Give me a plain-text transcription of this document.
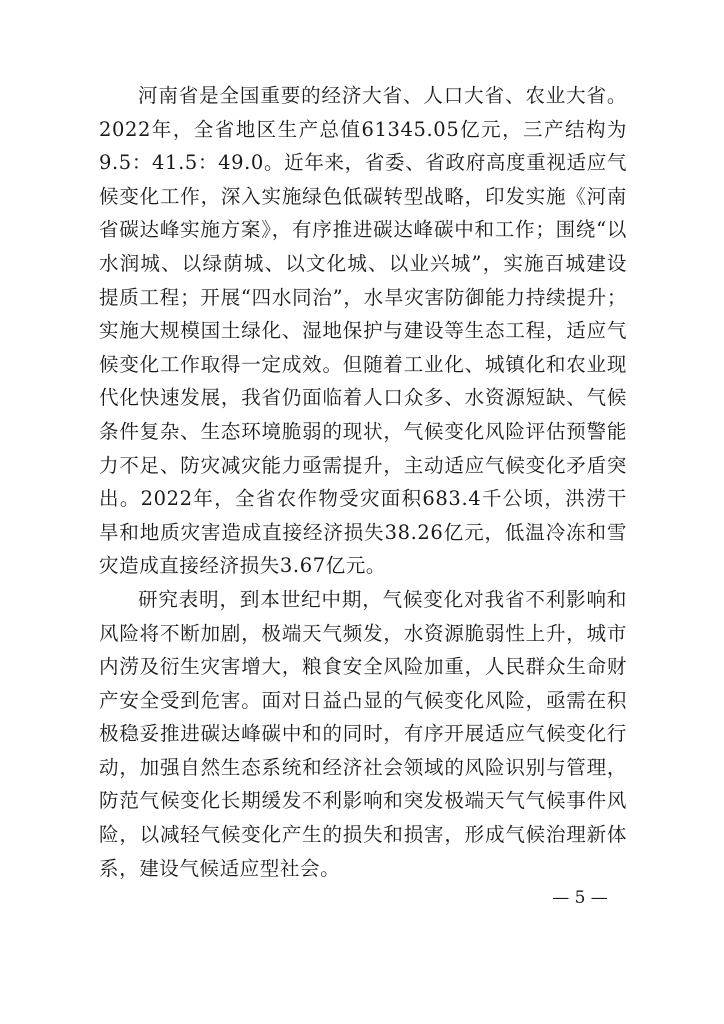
河南省是全国重要的经济大省、人口大省、农业大省。2022年，全省地区生产总值61345.05亿元，三产结构为9.5：41.5：49.0。近年来，省委、省政府高度重视适应气候变化工作，深入实施绿色低碳转型战略，印发实施《河南省碳达峰实施方案》，有序推进碳达峰碳中和工作；围绕“以水润城、以绿荫城、以文化城、以业兴城”，实施百城建设提质工程；开展“四水同治”，水旱灾害防御能力持续提升；实施大规模国土绿化、湿地保护与建设等生态工程，适应气候变化工作取得一定成效。但随着工业化、城镇化和农业现代化快速发展，我省仍面临着人口众多、水资源短缺、气候条件复杂、生态环境脆弱的现状，气候变化风险评估预警能力不足、防灾减灾能力亟需提升，主动适应气候变化矛盾突出。2022年，全省农作物受灾面积683.4千公顷，洪涝干旱和地质灾害造成直接经济损失38.26亿元，低温冷冻和雪灾造成直接经济损失3.67亿元。

研究表明，到本世纪中期，气候变化对我省不利影响和风险将不断加剧，极端天气频发，水资源脆弱性上升，城市内涝及衍生灾害增大，粮食安全风险加重，人民群众生命财产安全受到危害。面对日益凸显的气候变化风险，亟需在积极稳妥推进碳达峰碳中和的同时，有序开展适应气候变化行动，加强自然生态系统和经济社会领域的风险识别与管理，防范气候变化长期缓发不利影响和突发极端天气气候事件风险，以减轻气候变化产生的损失和损害，形成气候治理新体系，建设气候适应型社会。

— 5 —
